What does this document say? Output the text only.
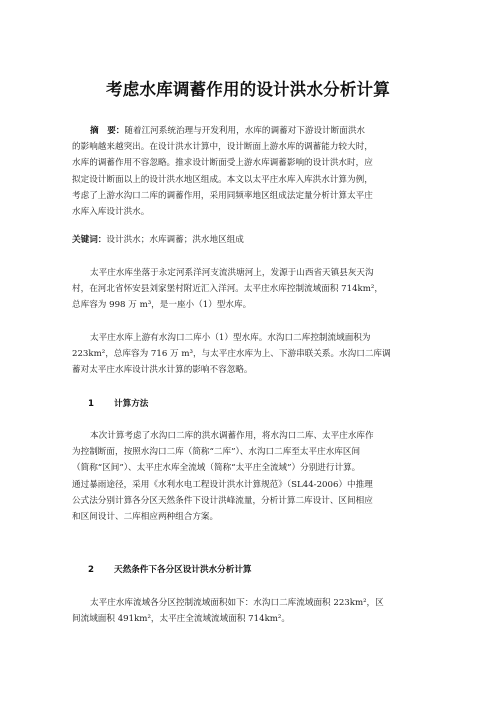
考虑水库调蓄作用的设计洪水分析计算
摘　要：随着江河系统治理与开发利用，水库的调蓄对下游设计断面洪水
的影响越来越突出。在设计洪水计算中，设计断面上游水库的调蓄能力较大时，
水库的调蓄作用不容忽略。推求设计断面受上游水库调蓄影响的设计洪水时，应
拟定设计断面以上的设计洪水地区组成。本文以太平庄水库入库洪水计算为例，
考虑了上游水沟口二库的调蓄作用，采用同频率地区组成法定量分析计算太平庄
水库入库设计洪水。
关键词：设计洪水；水库调蓄；洪水地区组成
太平庄水库坐落于永定河系洋河支流洪塘河上，发源于山西省天镇县灰天沟
村，在河北省怀安县刘家堡村附近汇入洋河。太平庄水库控制流域面积 714km²，
总库容为 998 万 m³，是一座小（1）型水库。
太平庄水库上游有水沟口二库小（1）型水库。水沟口二库控制流域面积为
223km²，总库容为 716 万 m³，与太平庄水库为上、下游串联关系。水沟口二库调
蓄对太平庄水库设计洪水计算的影响不容忽略。
1 计算方法
本次计算考虑了水沟口二库的洪水调蓄作用，将水沟口二库、太平庄水库作
为控制断面，按照水沟口二库（简称“二库”）、水沟口二库至太平庄水库区间
（简称“区间”）、太平庄水库全流域（简称“太平庄全流域”）分别进行计算。
通过暴雨途径，采用《水利水电工程设计洪水计算规范》（SL44-2006）中推理
公式法分别计算各分区天然条件下设计洪峰流量，分析计算二库设计、区间相应
和区间设计、二库相应两种组合方案。
2 天然条件下各分区设计洪水分析计算
太平庄水库流域各分区控制流域面积如下：水沟口二库流域面积 223km²，区
间流域面积 491km²，太平庄全流域流域面积 714km²。
